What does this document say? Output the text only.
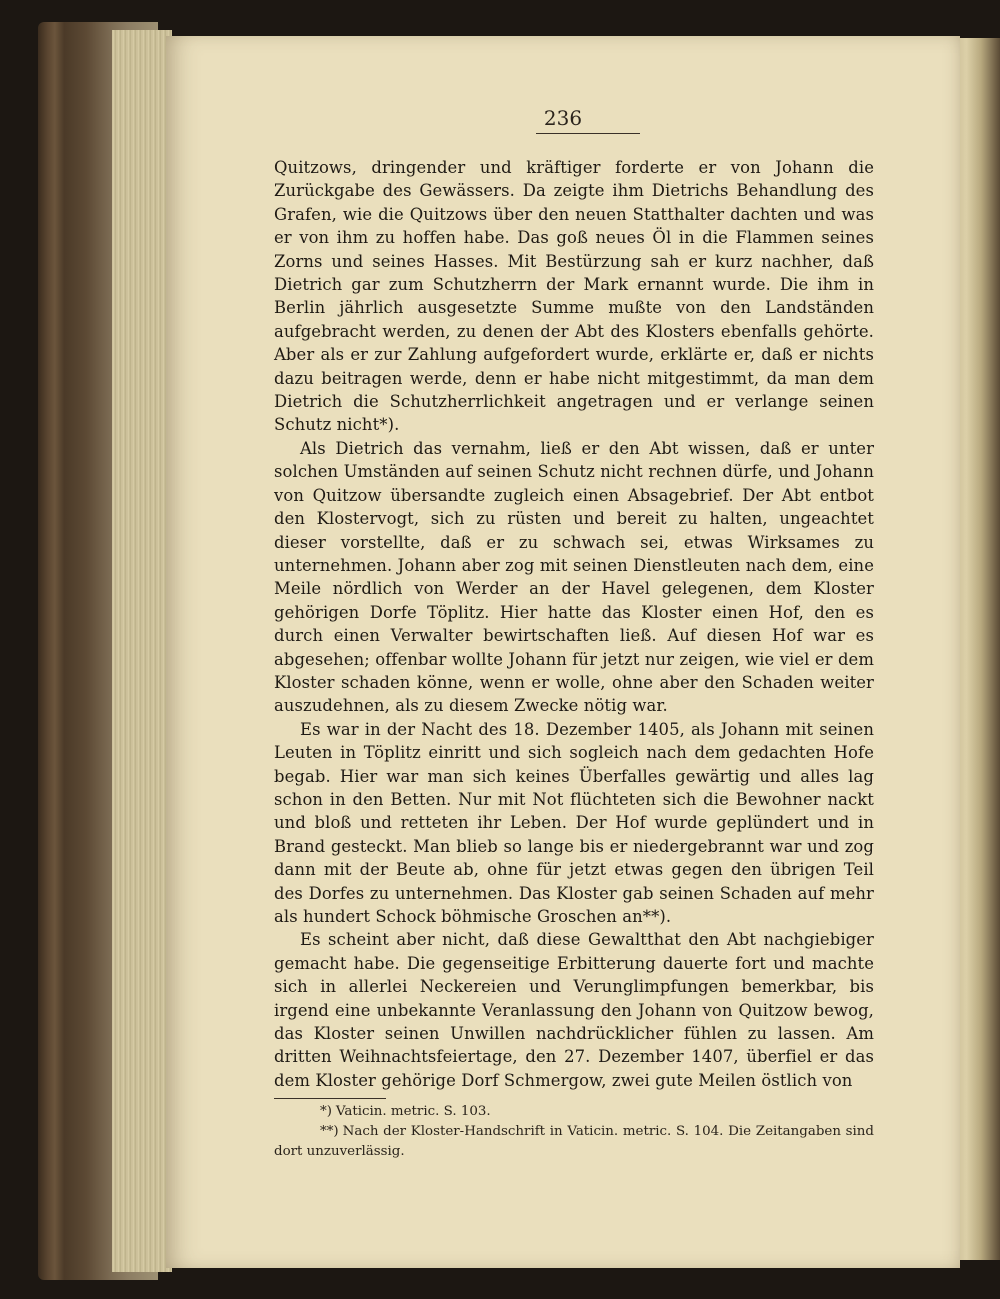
236

Quitzows, dringender und kräftiger forderte er von Johann die Zurückgabe des Gewässers. Da zeigte ihm Dietrichs Behandlung des Grafen, wie die Quitzows über den neuen Statthalter dachten und was er von ihm zu hoffen habe. Das goß neues Öl in die Flammen seines Zorns und seines Hasses. Mit Bestürzung sah er kurz nachher, daß Dietrich gar zum Schutzherrn der Mark ernannt wurde. Die ihm in Berlin jährlich ausgesetzte Summe mußte von den Landständen aufgebracht werden, zu denen der Abt des Klosters ebenfalls gehörte. Aber als er zur Zahlung aufgefordert wurde, erklärte er, daß er nichts dazu beitragen werde, denn er habe nicht mitgestimmt, da man dem Dietrich die Schutzherrlichkeit angetragen und er verlange seinen Schutz nicht*).

Als Dietrich das vernahm, ließ er den Abt wissen, daß er unter solchen Umständen auf seinen Schutz nicht rechnen dürfe, und Johann von Quitzow übersandte zugleich einen Absagebrief. Der Abt entbot den Klostervogt, sich zu rüsten und bereit zu halten, ungeachtet dieser vorstellte, daß er zu schwach sei, etwas Wirksames zu unternehmen. Johann aber zog mit seinen Dienstleuten nach dem, eine Meile nördlich von Werder an der Havel gelegenen, dem Kloster gehörigen Dorfe Töplitz. Hier hatte das Kloster einen Hof, den es durch einen Verwalter bewirtschaften ließ. Auf diesen Hof war es abgesehen; offenbar wollte Johann für jetzt nur zeigen, wie viel er dem Kloster schaden könne, wenn er wolle, ohne aber den Schaden weiter auszudehnen, als zu diesem Zwecke nötig war.

Es war in der Nacht des 18. Dezember 1405, als Johann mit seinen Leuten in Töplitz einritt und sich sogleich nach dem gedachten Hofe begab. Hier war man sich keines Überfalles gewärtig und alles lag schon in den Betten. Nur mit Not flüchteten sich die Bewohner nackt und bloß und retteten ihr Leben. Der Hof wurde geplündert und in Brand gesteckt. Man blieb so lange bis er niedergebrannt war und zog dann mit der Beute ab, ohne für jetzt etwas gegen den übrigen Teil des Dorfes zu unternehmen. Das Kloster gab seinen Schaden auf mehr als hundert Schock böhmische Groschen an**).

Es scheint aber nicht, daß diese Gewaltthat den Abt nachgiebiger gemacht habe. Die gegenseitige Erbitterung dauerte fort und machte sich in allerlei Neckereien und Verunglimpfungen bemerkbar, bis irgend eine unbekannte Veranlassung den Johann von Quitzow bewog, das Kloster seinen Unwillen nachdrücklicher fühlen zu lassen. Am dritten Weihnachtsfeiertage, den 27. Dezember 1407, überfiel er das dem Kloster gehörige Dorf Schmergow, zwei gute Meilen östlich von

*) Vaticin. metric. S. 103.

**) Nach der Kloster-Handschrift in Vaticin. metric. S. 104. Die Zeitangaben sind dort unzuverlässig.
